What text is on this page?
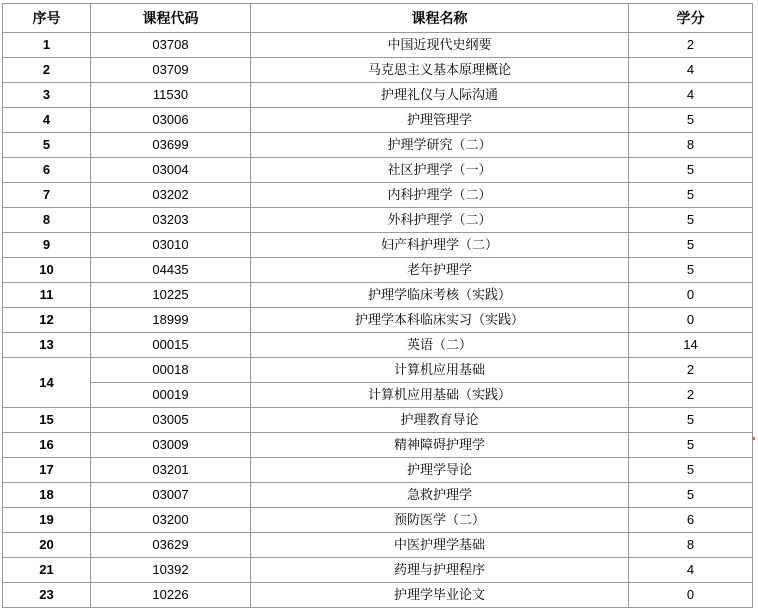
序号	课程代码	课程名称	学分
1	03708	中国近现代史纲要	2
2	03709	马克思主义基本原理概论	4
3	11530	护理礼仪与人际沟通	4
4	03006	护理管理学	5
5	03699	护理学研究（二）	8
6	03004	社区护理学（一）	5
7	03202	内科护理学（二）	5
8	03203	外科护理学（二）	5
9	03010	妇产科护理学（二）	5
10	04435	老年护理学	5
11	10225	护理学临床考核（实践）	0
12	18999	护理学本科临床实习（实践）	0
13	00015	英语（二）	14
14	00018	计算机应用基础	2
	00019	计算机应用基础（实践）	2
15	03005	护理教育导论	5
16	03009	精神障碍护理学	5
17	03201	护理学导论	5
18	03007	急救护理学	5
19	03200	预防医学（二）	6
20	03629	中医护理学基础	8
21	10392	药理与护理程序	4
23	10226	护理学毕业论文	0
